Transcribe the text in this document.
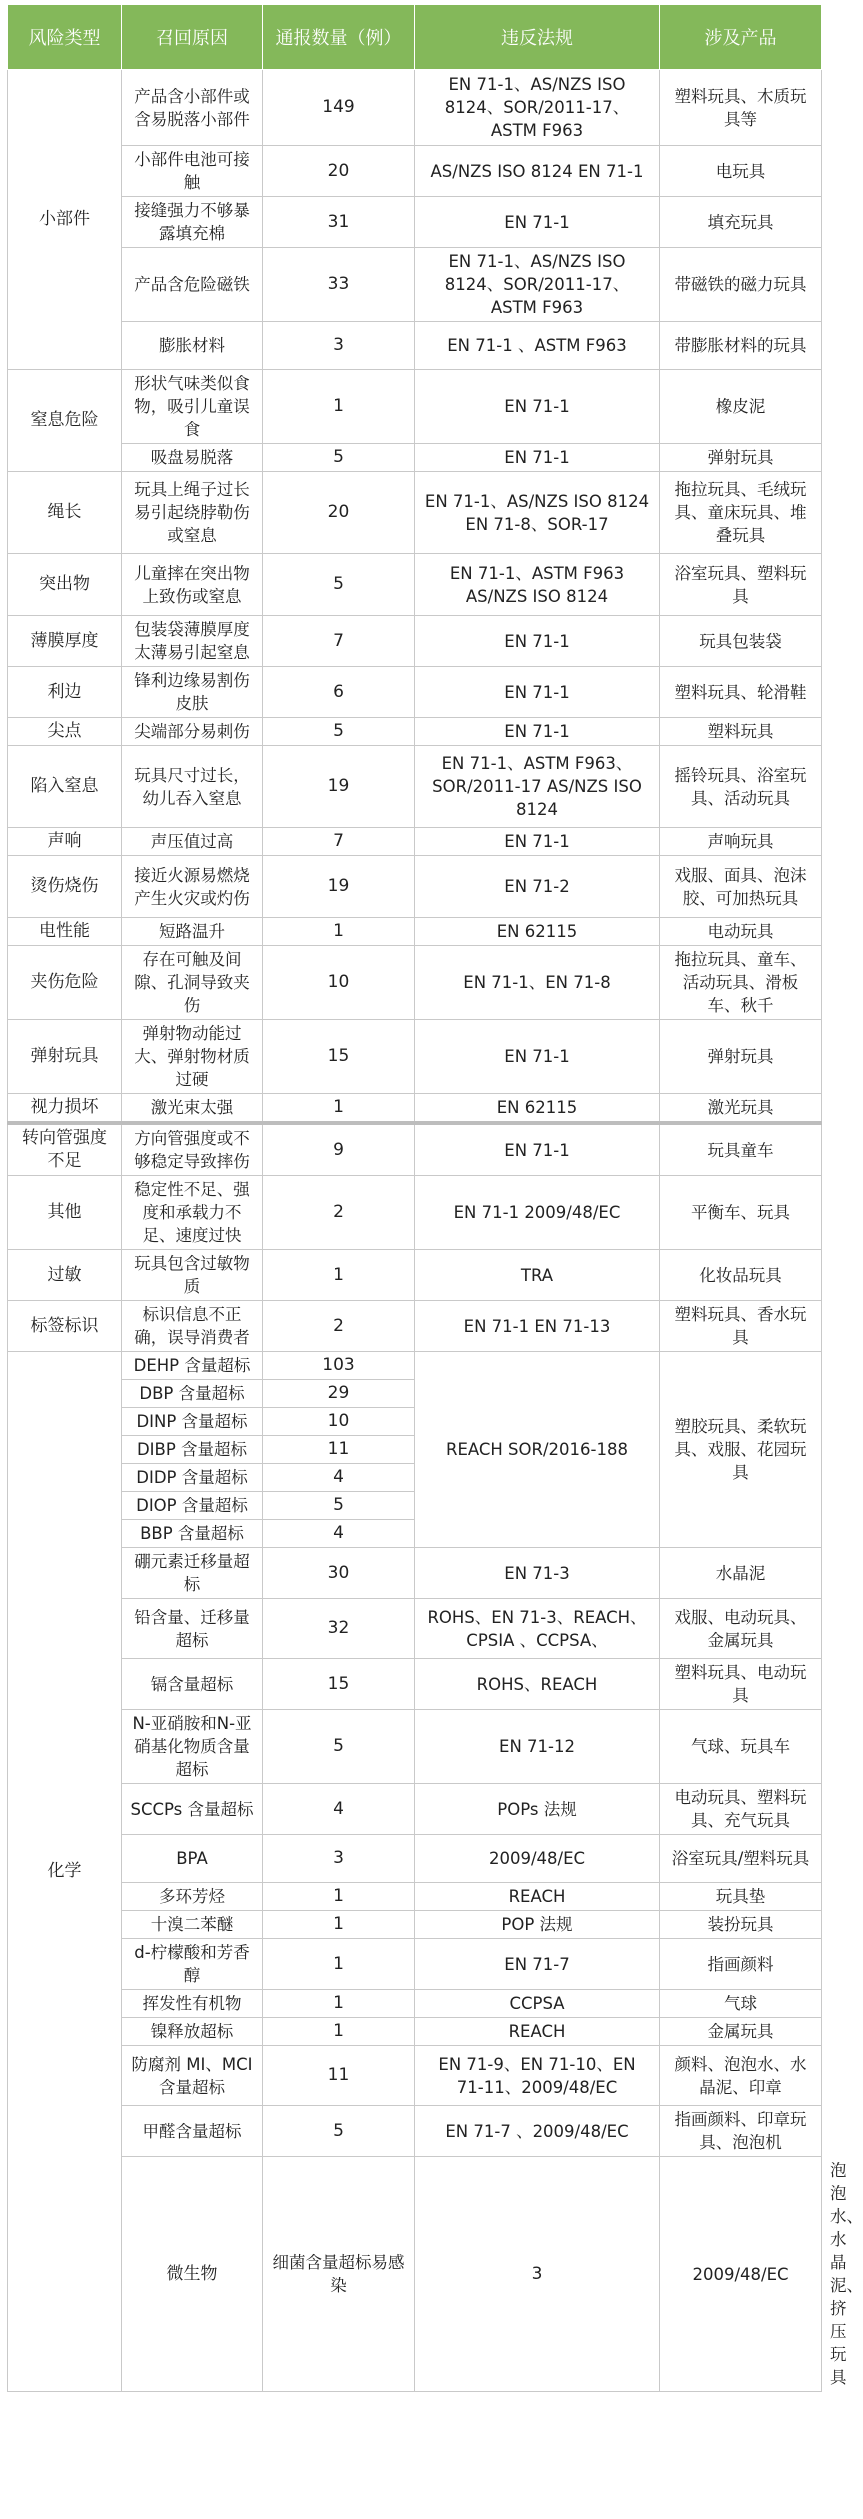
风险类型	召回原因	通报数量（例）	违反法规	涉及产品	
小部件	产品含小部件或含易脱落小部件	149	EN 71-1、AS/NZS ISO 8124、SOR/2011-17、ASTM F963	塑料玩具、木质玩具等	
	小部件电池可接触	20	AS/NZS ISO 8124 EN 71-1	电玩具	
	接缝强力不够暴露填充棉	31	EN 71-1	填充玩具	
	产品含危险磁铁	33	EN 71-1、AS/NZS ISO 8124、SOR/2011-17、ASTM F963	带磁铁的磁力玩具	
	膨胀材料	3	EN 71-1 、ASTM F963	带膨胀材料的玩具	
窒息危险	形状气味类似食物，吸引儿童误食	1	EN 71-1	橡皮泥	
	吸盘易脱落	5	EN 71-1	弹射玩具	
绳长	玩具上绳子过长易引起绕脖勒伤或窒息	20	EN 71-1、AS/NZS ISO 8124 EN 71-8、SOR-17	拖拉玩具、毛绒玩具、童床玩具、堆叠玩具	
突出物	儿童摔在突出物上致伤或窒息	5	EN 71-1、ASTM F963 AS/NZS ISO 8124	浴室玩具、塑料玩具	
薄膜厚度	包装袋薄膜厚度太薄易引起窒息	7	EN 71-1	玩具包装袋	
利边	锋利边缘易割伤皮肤	6	EN 71-1	塑料玩具、轮滑鞋	
尖点	尖端部分易刺伤	5	EN 71-1	塑料玩具	
陷入窒息	玩具尺寸过长，幼儿吞入窒息	19	EN 71-1、ASTM F963、SOR/2011-17 AS/NZS ISO 8124	摇铃玩具、浴室玩具、活动玩具	
声响	声压值过高	7	EN 71-1	声响玩具	
烫伤烧伤	接近火源易燃烧产生火灾或灼伤	19	EN 71-2	戏服、面具、泡沫胶、可加热玩具	
电性能	短路温升	1	EN 62115	电动玩具	
夹伤危险	存在可触及间隙、孔洞导致夹伤	10	EN 71-1、EN 71-8	拖拉玩具、童车、活动玩具、滑板车、秋千	
弹射玩具	弹射物动能过大、弹射物材质过硬	15	EN 71-1	弹射玩具	
视力损坏	激光束太强	1	EN 62115	激光玩具	
转向管强度不足	方向管强度或不够稳定导致摔伤	9	EN 71-1	玩具童车	
其他	稳定性不足、强度和承载力不足、速度过快	2	EN 71-1 2009/48/EC	平衡车、玩具	
过敏	玩具包含过敏物质	1	TRA	化妆品玩具	
标签标识	标识信息不正确，误导消费者	2	EN 71-1 EN 71-13	塑料玩具、香水玩具	
化学	DEHP 含量超标	103	REACH SOR/2016-188	塑胶玩具、柔软玩具、戏服、花园玩具	
	DBP 含量超标	29			
	DINP 含量超标	10			
	DIBP 含量超标	11			
	DIDP 含量超标	4			
	DIOP 含量超标	5			
	BBP 含量超标	4			
	硼元素迁移量超标	30	EN 71-3	水晶泥	
	铅含量、迁移量超标	32	ROHS、EN 71-3、REACH、CPSIA 、CCPSA、	戏服、电动玩具、金属玩具	
	镉含量超标	15	ROHS、REACH	塑料玩具、电动玩具	
	N-亚硝胺和N-亚硝基化物质含量超标	5	EN 71-12	气球、玩具车	
	SCCPs 含量超标	4	POPs 法规	电动玩具、塑料玩具、充气玩具	
	BPA	3	2009/48/EC	浴室玩具/塑料玩具	
	多环芳烃	1	REACH	玩具垫	
	十溴二苯醚	1	POP 法规	装扮玩具	
	d-柠檬酸和芳香醇	1	EN 71-7	指画颜料	
	挥发性有机物	1	CCPSA	气球	
	镍释放超标	1	REACH	金属玩具	
	防腐剂 MI、MCI 含量超标	11	EN 71-9、EN 71-10、EN 71-11、2009/48/EC	颜料、泡泡水、水晶泥、印章	
	甲醛含量超标	5	EN 71-7 、2009/48/EC	指画颜料、印章玩具、泡泡机	
	微生物	细菌含量超标易感染	3	2009/48/EC	泡泡水、水晶泥、挤压玩具
